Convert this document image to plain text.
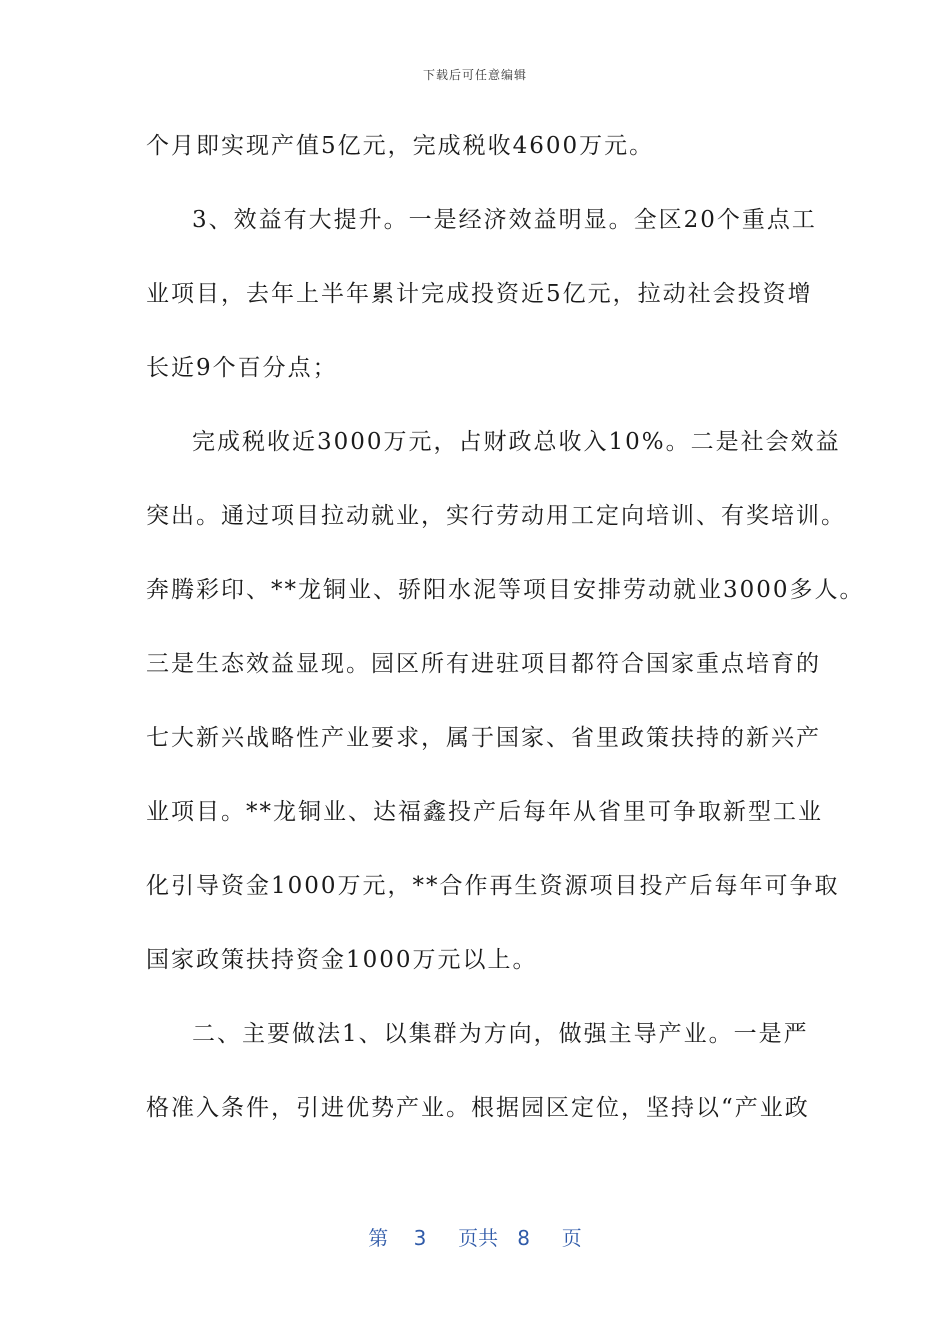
下载后可任意编辑
个月即实现产值5亿元，完成税收4600万元。
3、效益有大提升。一是经济效益明显。全区20个重点工
业项目，去年上半年累计完成投资近5亿元，拉动社会投资增
长近9个百分点；
完成税收近3000万元，占财政总收入10%。二是社会效益
突出。通过项目拉动就业，实行劳动用工定向培训、有奖培训。
奔腾彩印、**龙铜业、骄阳水泥等项目安排劳动就业3000多人。
三是生态效益显现。园区所有进驻项目都符合国家重点培育的
七大新兴战略性产业要求，属于国家、省里政策扶持的新兴产
业项目。**龙铜业、达福鑫投产后每年从省里可争取新型工业
化引导资金1000万元，**合作再生资源项目投产后每年可争取
国家政策扶持资金1000万元以上。
二、主要做法1、以集群为方向，做强主导产业。一是严
格准入条件，引进优势产业。根据园区定位，坚持以“产业政
第 3 页共 8 页
